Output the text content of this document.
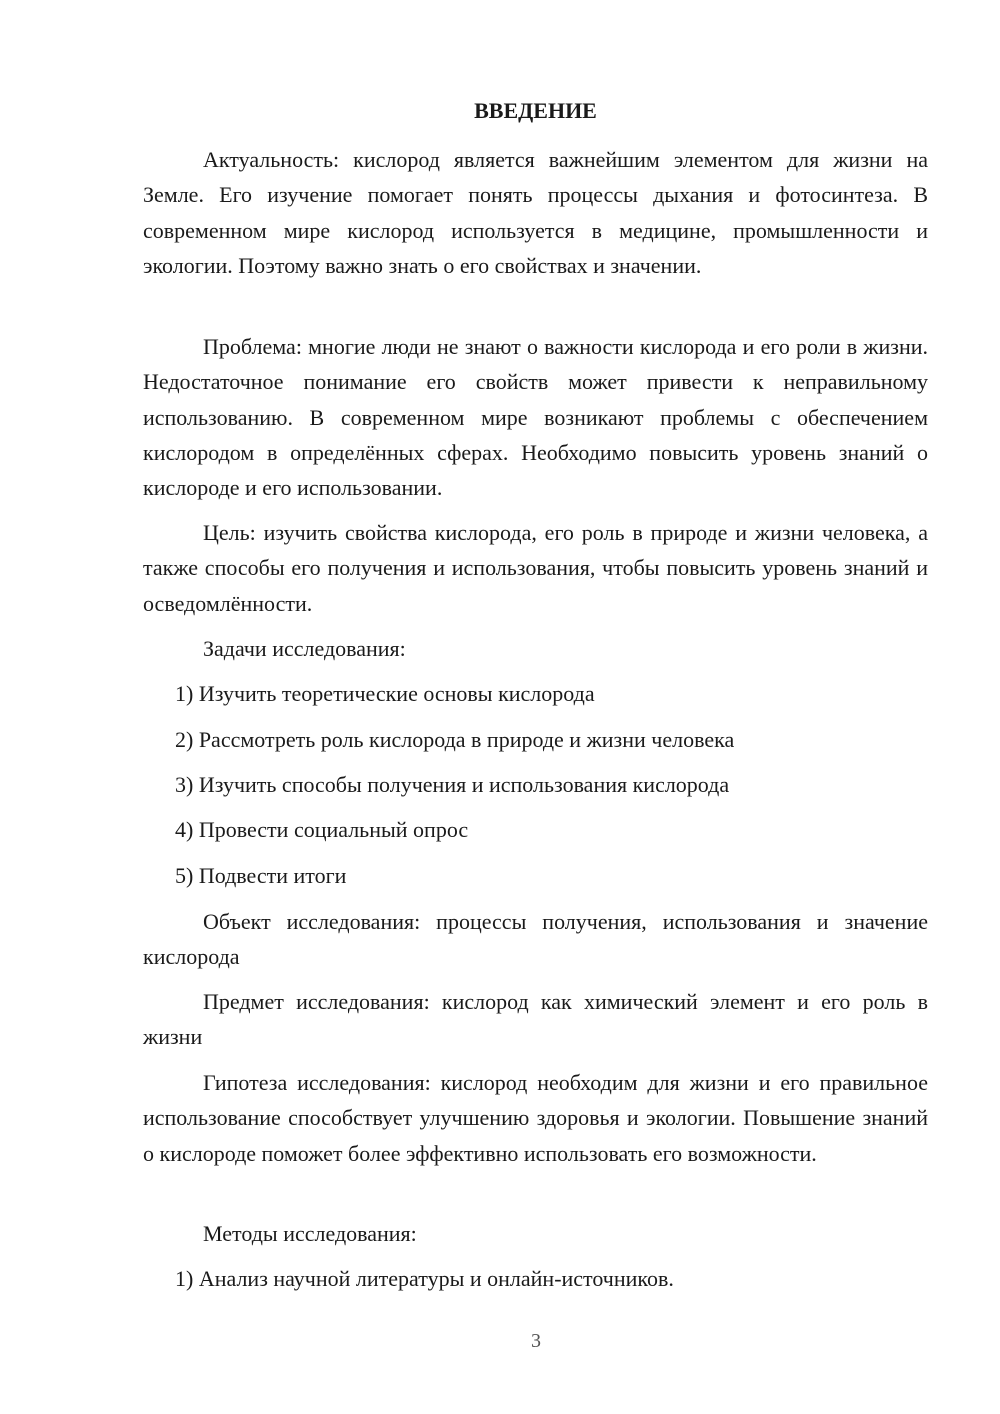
ВВЕДЕНИЕ

Актуальность: кислород является важнейшим элементом для жизни на Земле. Его изучение помогает понять процессы дыхания и фотосинтеза. В современном мире кислород используется в медицине, промышленности и экологии. Поэтому важно знать о его свойствах и значении.

Проблема: многие люди не знают о важности кислорода и его роли в жизни. Недостаточное понимание его свойств может привести к неправильному использованию. В современном мире возникают проблемы с обеспечением кислородом в определённых сферах. Необходимо повысить уровень знаний о кислороде и его использовании.

Цель: изучить свойства кислорода, его роль в природе и жизни человека, а также способы его получения и использования, чтобы повысить уровень знаний и осведомлённости.

Задачи исследования:

1) Изучить теоретические основы кислорода

2) Рассмотреть роль кислорода в природе и жизни человека

3) Изучить способы получения и использования кислорода

4) Провести социальный опрос

5) Подвести итоги

Объект исследования: процессы получения, использования и значение кислорода

Предмет исследования: кислород как химический элемент и его роль в жизни

Гипотеза исследования: кислород необходим для жизни и его правильное использование способствует улучшению здоровья и экологии. Повышение знаний о кислороде поможет более эффективно использовать его возможности.

Методы исследования:

1) Анализ научной литературы и онлайн-источников.

3
